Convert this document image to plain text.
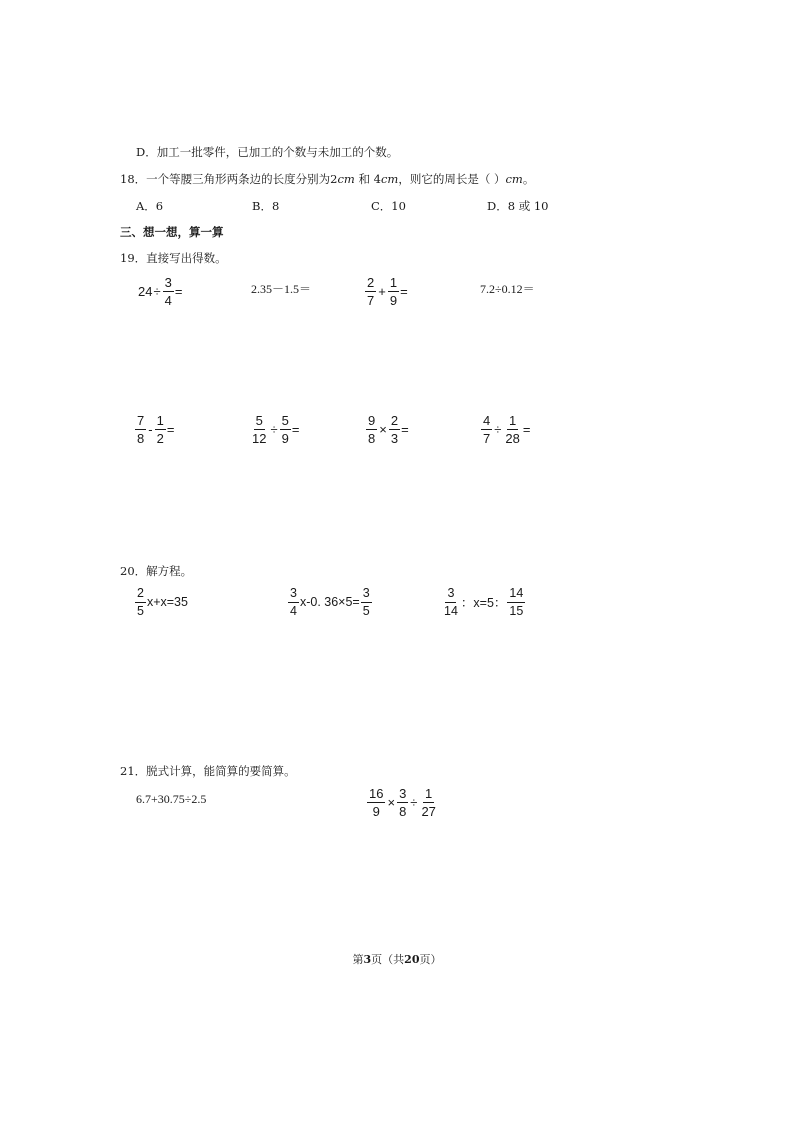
D．加工一批零件，已加工的个数与未加工的个数。
18．一个等腰三角形两条边的长度分别为2cm 和 4cm，则它的周长是（ ）cm。
A．6	B．8	C．10	D．8 或 10
三、想一想，算一算
19．直接写出得数。
$24 \div \frac{3}{4}$ =	2.35－1.5＝	$\frac{2}{7} + \frac{1}{9}$ =	7.2÷0.12＝
$\frac{7}{8} - \frac{1}{2}$ =	$\frac{5}{12} \div \frac{5}{9}$ =	$\frac{9}{8} \times \frac{2}{3}$ =	$\frac{4}{7} \div \frac{1}{28}$ =
20．解方程。
$\frac{2}{5} x+x=35$	$\frac{3}{4} x-0$. $36\times 5= \frac{3}{5}$	$\frac{3}{14}$ ：x=5： $\frac{14}{15}$
21．脱式计算，能简算的要简算。
6.7+30.75÷2.5	$\frac{16}{9} \times \frac{3}{8} \div \frac{1}{27}$
第3页（共20页）
